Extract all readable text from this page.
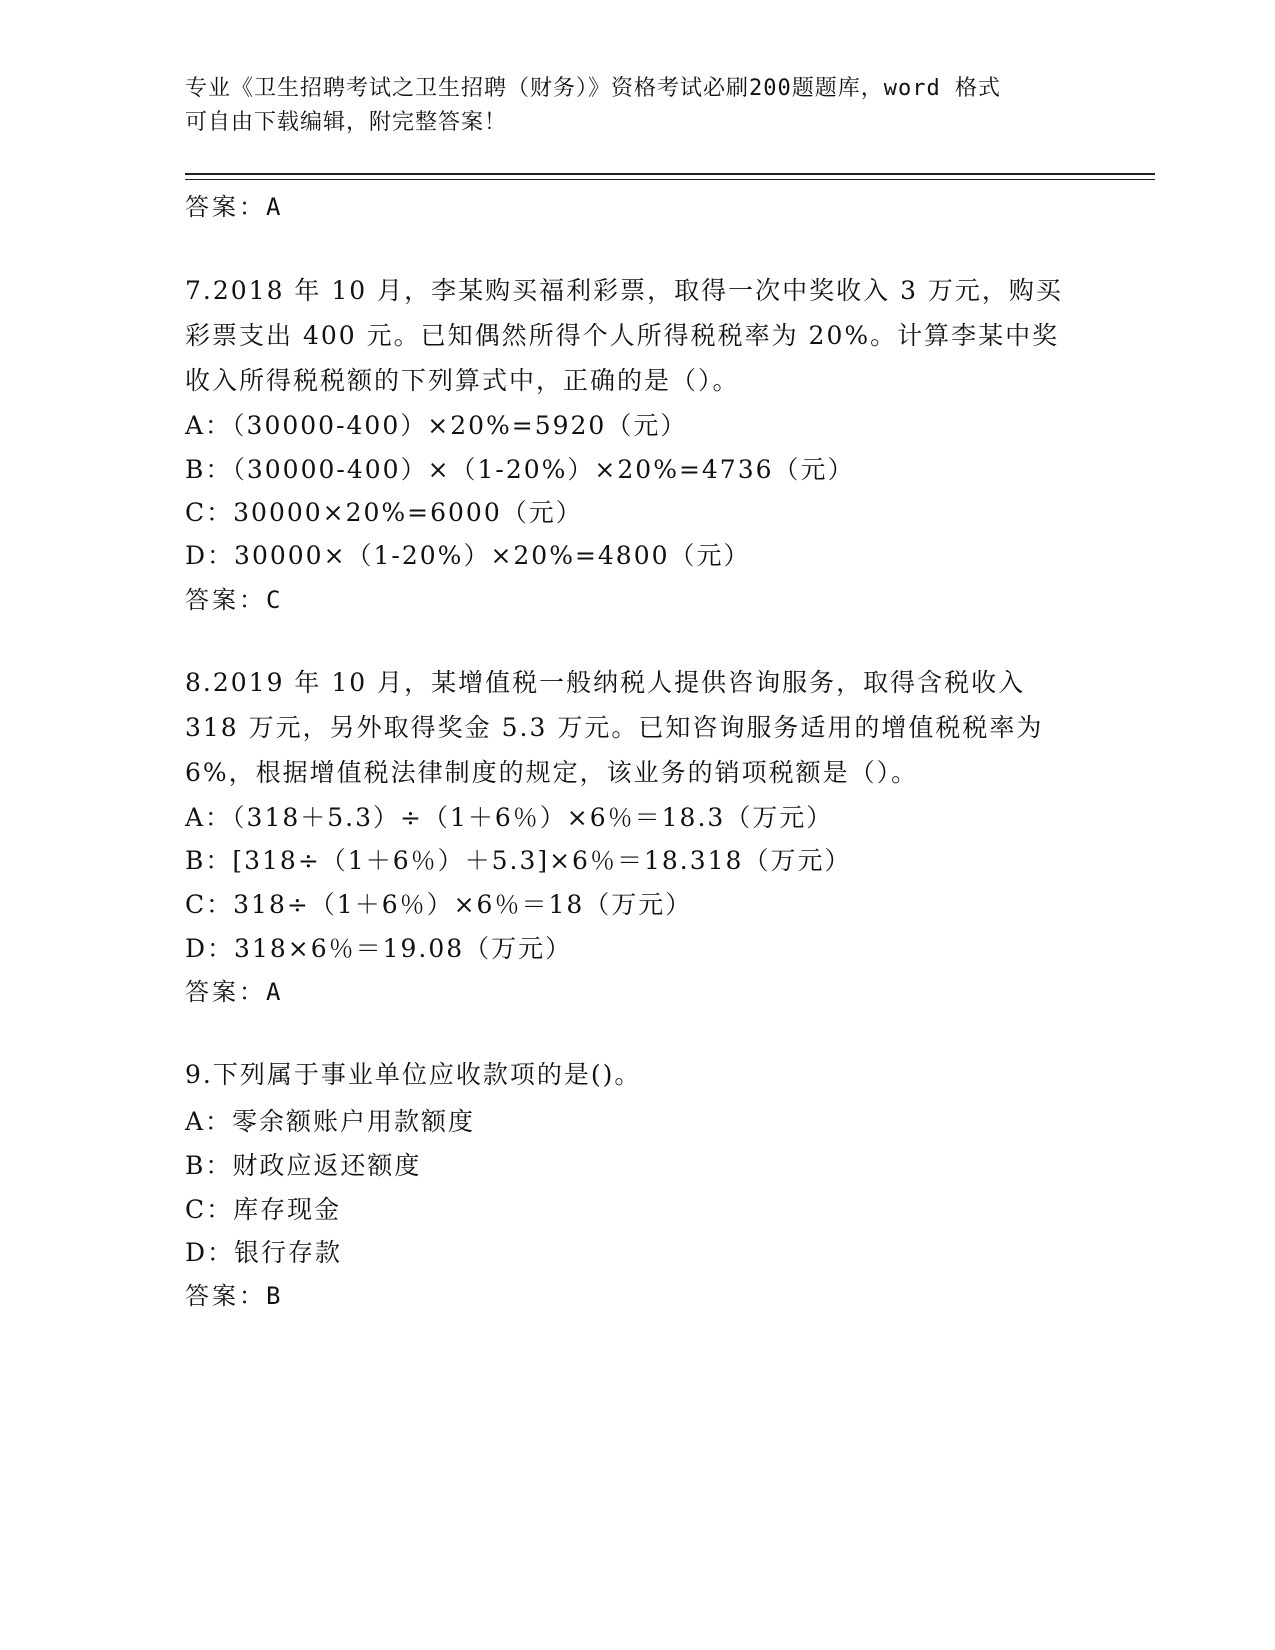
专业《卫生招聘考试之卫生招聘（财务）》资格考试必刷200题题库，word 格式
可自由下载编辑，附完整答案！
答案：A
7.2018 年 10 月，李某购买福利彩票，取得一次中奖收入 3 万元，购买
彩票支出 400 元。已知偶然所得个人所得税税率为 20%。计算李某中奖
收入所得税税额的下列算式中，正确的是（）。
A：（30000-400）×20%=5920（元）
B：（30000-400）×（1-20%）×20%=4736（元）
C：30000×20%=6000（元）
D：30000×（1-20%）×20%=4800（元）
答案：C
8.2019 年 10 月，某增值税一般纳税人提供咨询服务，取得含税收入
318 万元，另外取得奖金 5.3 万元。已知咨询服务适用的增值税税率为
6%，根据增值税法律制度的规定，该业务的销项税额是（）。
A：（318＋5.3）÷（1＋6％）×6％＝18.3（万元）
B：[318÷（1＋6％）＋5.3]×6％＝18.318（万元）
C：318÷（1＋6％）×6％＝18（万元）
D：318×6％＝19.08（万元）
答案：A
9.下列属于事业单位应收款项的是()。
A：零余额账户用款额度
B：财政应返还额度
C：库存现金
D：银行存款
答案：B
